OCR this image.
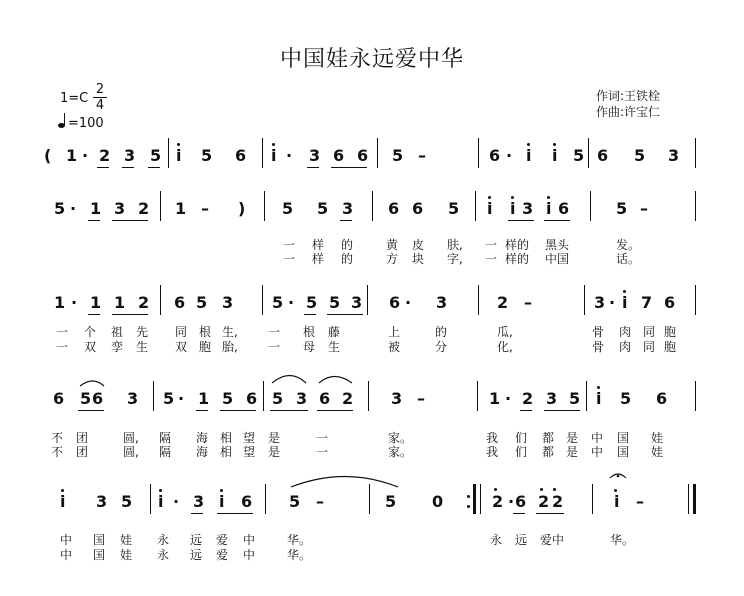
中国娃永远爱中华
$1=C \frac{2}{4}$
=100
作词:王铁栓
作曲:许宝仁
( 1 · 2 3 5 i 5 6 i · 3 6 6 5 –	6 · i i 5 6 5 3
5 · 1 3 2 1 – ) 5 5 3 6 6 5 i i 3 i 6	5 –
一 样 的	黄 皮 肤, 一 样的 黑头	发。
一 样 的	方 块 字, 一 样的 中国	话。
1 · 1 1 2 6 5 3 5 · 5 5 3 6 · 3	2 –	3 · i 7 6
一 个 祖 先 同 根 生,	一 根 藤	上	的	瓜,	骨 肉 同 胞
一 双 孪 生 双 胞 胎,	一 母 生	被	分	化,	骨 肉 同 胞
6 5 6 3 5 · 1 5 6 5 3 6 2 3 –	1 · 2 3 5 i 5 6
不 团	圆, 隔 海 相 望 是	一	家。	我 们 都 是 中 国 娃
不 团	圆, 隔 海 相 望 是	一	家。	我 们 都 是 中 国 娃
i 3 5 i · 3 i 6 5 –	5 0	2 · 6 2 2	i –
中 国 娃 永 远 爱 中	华。	永 远 爱中	华。
中 国 娃 永 远 爱 中	华。
